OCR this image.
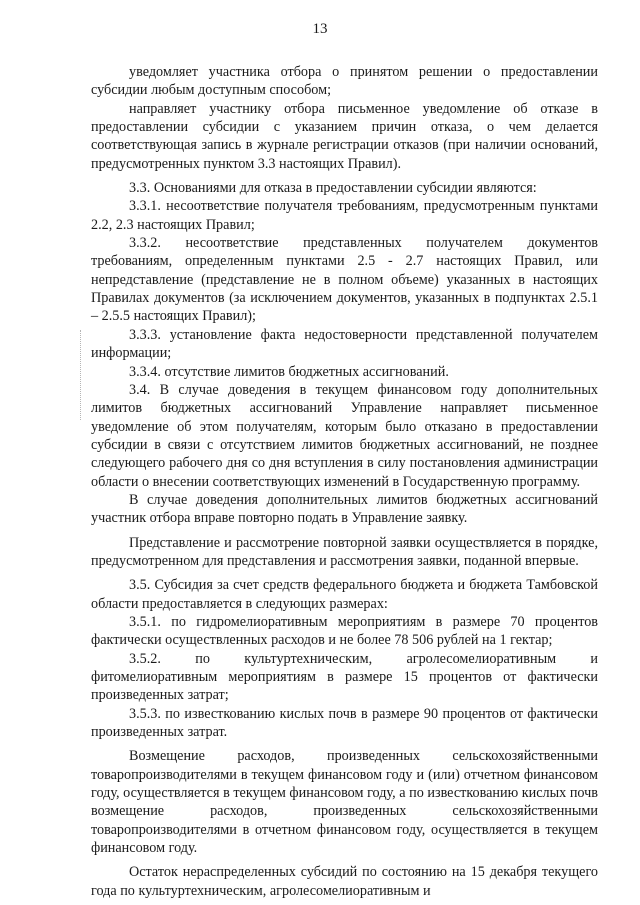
13

уведомляет участника отбора о принятом решении о предоставлении субсидии любым доступным способом;

направляет участнику отбора письменное уведомление об отказе в предоставлении субсидии с указанием причин отказа, о чем делается соответствующая запись в журнале регистрации отказов (при наличии оснований, предусмотренных пунктом 3.3 настоящих Правил).

3.3. Основаниями для отказа в предоставлении субсидии являются:

3.3.1. несоответствие получателя требованиям, предусмотренным пунктами 2.2, 2.3 настоящих Правил;

3.3.2. несоответствие представленных получателем документов требованиям, определенным пунктами 2.5 - 2.7 настоящих Правил, или непредставление (представление не в полном объеме) указанных в настоящих Правилах документов (за исключением документов, указанных в подпунктах 2.5.1 – 2.5.5 настоящих Правил);

3.3.3. установление факта недостоверности представленной получателем информации;

3.3.4. отсутствие лимитов бюджетных ассигнований.

3.4. В случае доведения в текущем финансовом году дополнительных лимитов бюджетных ассигнований Управление направляет письменное уведомление об этом получателям, которым было отказано в предоставлении субсидии в связи с отсутствием лимитов бюджетных ассигнований, не позднее следующего рабочего дня со дня вступления в силу постановления администрации области о внесении соответствующих изменений в Государственную программу.

В случае доведения дополнительных лимитов бюджетных ассигнований участник отбора вправе повторно подать в Управление заявку.

Представление и рассмотрение повторной заявки осуществляется в порядке, предусмотренном для представления и рассмотрения заявки, поданной впервые.

3.5. Субсидия за счет средств федерального бюджета и бюджета Тамбовской области предоставляется в следующих размерах:

3.5.1. по гидромелиоративным мероприятиям в размере 70 процентов фактически осуществленных расходов и не более 78 506 рублей на 1 гектар;

3.5.2. по культуртехническим, агролесомелиоративным и фитомелиоративным мероприятиям в размере 15 процентов от фактически произведенных затрат;

3.5.3. по известкованию кислых почв в размере 90 процентов от фактически произведенных затрат.

Возмещение расходов, произведенных сельскохозяйственными товаропроизводителями в текущем финансовом году и (или) отчетном финансовом году, осуществляется в текущем финансовом году, а по известкованию кислых почв возмещение расходов, произведенных сельскохозяйственными товаропроизводителями в отчетном финансовом году, осуществляется в текущем финансовом году.

Остаток нераспределенных субсидий по состоянию на 15 декабря текущего года по культуртехническим, агролесомелиоративным и
